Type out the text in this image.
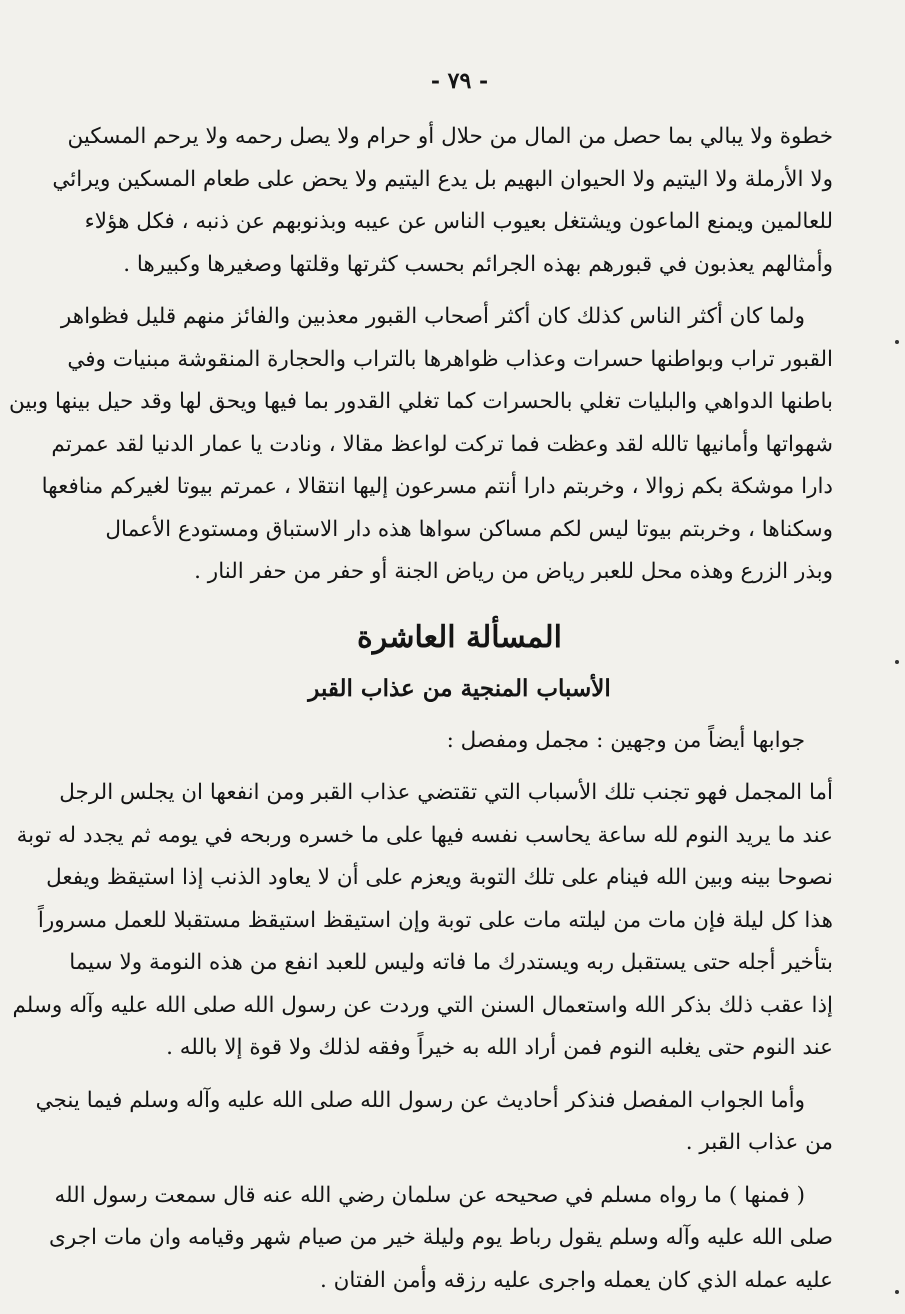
- ٧٩ -
خطوة ولا يبالي بما حصل من المال من حلال أو حرام ولا يصل رحمه ولا يرحم المسكين
ولا الأرملة ولا اليتيم ولا الحيوان البهيم بل يدع اليتيم ولا يحض على طعام المسكين ويرائي
للعالمين ويمنع الماعون ويشتغل بعيوب الناس عن عيبه وبذنوبهم عن ذنبه ، فكل هؤلاء
وأمثالهم يعذبون في قبورهم بهذه الجرائم بحسب كثرتها وقلتها وصغيرها وكبيرها .
ولما كان أكثر الناس كذلك كان أكثر أصحاب القبور معذبين والفائز منهم قليل فظواهر
القبور تراب وبواطنها حسرات وعذاب ظواهرها بالتراب والحجارة المنقوشة مبنيات وفي
باطنها الدواهي والبليات تغلي بالحسرات كما تغلي القدور بما فيها ويحق لها وقد حيل بينها وبين
شهواتها وأمانيها تالله لقد وعظت فما تركت لواعظ مقالا ، ونادت يا عمار الدنيا لقد عمرتم
دارا موشكة بكم زوالا ، وخربتم دارا أنتم مسرعون إليها انتقالا ، عمرتم بيوتا لغيركم منافعها
وسكناها ، وخربتم بيوتا ليس لكم مساكن سواها هذه دار الاستباق ومستودع الأعمال
وبذر الزرع وهذه محل للعبر رياض من رياض الجنة أو حفر من حفر النار .
المسألة العاشرة
الأسباب المنجية من عذاب القبر
جوابها أيضاً من وجهين : مجمل ومفصل :
أما المجمل فهو تجنب تلك الأسباب التي تقتضي عذاب القبر ومن انفعها ان يجلس الرجل
عند ما يريد النوم لله ساعة يحاسب نفسه فيها على ما خسره وربحه في يومه ثم يجدد له توبة
نصوحا بينه وبين الله فينام على تلك التوبة ويعزم على أن لا يعاود الذنب إذا استيقظ ويفعل
هذا كل ليلة فإن مات من ليلته مات على توبة وإن استيقظ استيقظ مستقبلا للعمل مسروراً
بتأخير أجله حتى يستقبل ربه ويستدرك ما فاته وليس للعبد انفع من هذه النومة ولا سيما
إذا عقب ذلك بذكر الله واستعمال السنن التي وردت عن رسول الله صلى الله عليه وآله وسلم
عند النوم حتى يغلبه النوم فمن أراد الله به خيراً وفقه لذلك ولا قوة إلا بالله .
وأما الجواب المفصل فنذكر أحاديث عن رسول الله صلى الله عليه وآله وسلم فيما ينجي
من عذاب القبر .
( فمنها ) ما رواه مسلم في صحيحه عن سلمان رضي الله عنه قال سمعت رسول الله
صلى الله عليه وآله وسلم يقول رباط يوم وليلة خير من صيام شهر وقيامه وان مات اجرى
عليه عمله الذي كان يعمله واجرى عليه رزقه وأمن الفتان .
